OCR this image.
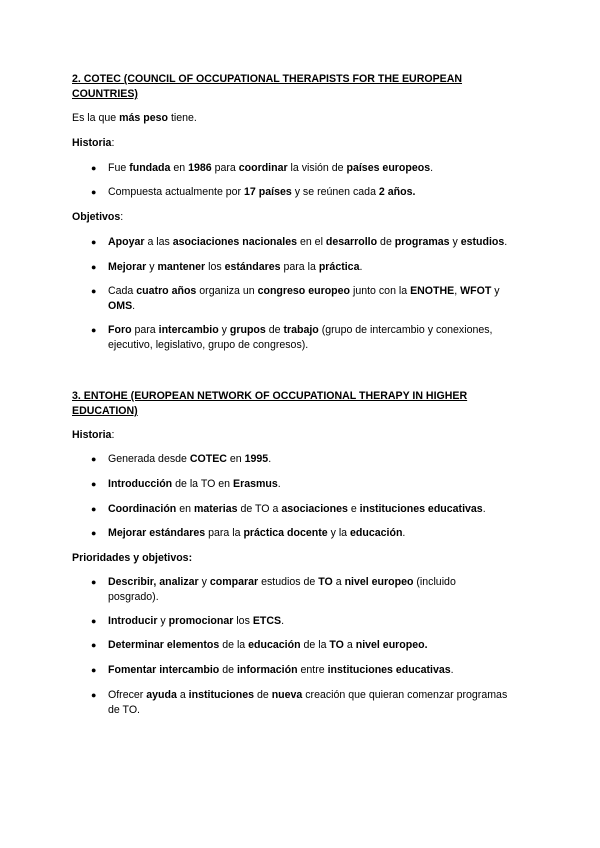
2. COTEC (COUNCIL OF OCCUPATIONAL THERAPISTS FOR THE EUROPEAN
COUNTRIES)
Es la que más peso tiene.
Historia:
● Fue fundada en 1986 para coordinar la visión de países europeos.
● Compuesta actualmente por 17 países y se reúnen cada 2 años.
Objetivos:
● Apoyar a las asociaciones nacionales en el desarrollo de programas y estudios.
● Mejorar y mantener los estándares para la práctica.
● Cada cuatro años organiza un congreso europeo junto con la ENOTHE, WFOT y
OMS.
● Foro para intercambio y grupos de trabajo (grupo de intercambio y conexiones,
ejecutivo, legislativo, grupo de congresos).
3. ENTOHE (EUROPEAN NETWORK OF OCCUPATIONAL THERAPY IN HIGHER
EDUCATION)
Historia:
● Generada desde COTEC en 1995.
● Introducción de la TO en Erasmus.
● Coordinación en materias de TO a asociaciones e instituciones educativas.
● Mejorar estándares para la práctica docente y la educación.
Prioridades y objetivos:
● Describir, analizar y comparar estudios de TO a nivel europeo (incluido
posgrado).
● Introducir y promocionar los ETCS.
● Determinar elementos de la educación de la TO a nivel europeo.
● Fomentar intercambio de información entre instituciones educativas.
● Ofrecer ayuda a instituciones de nueva creación que quieran comenzar programas
de TO.
